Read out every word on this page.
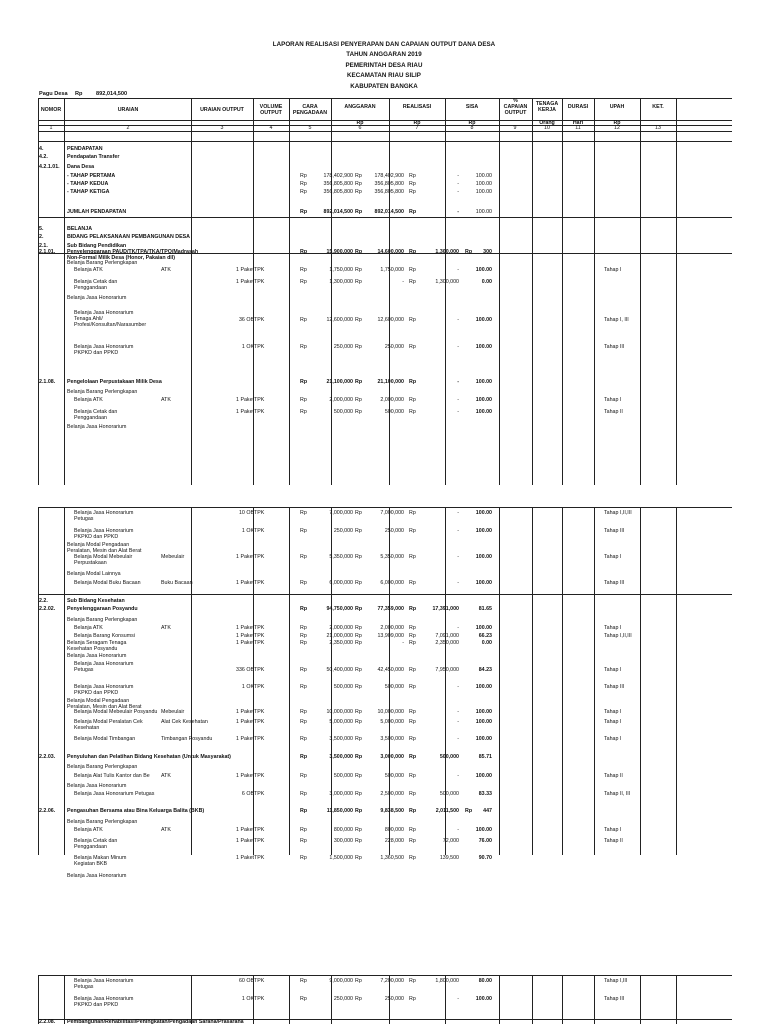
LAPORAN REALISASI PENYERAPAN DAN CAPAIAN OUTPUT DANA DESA
TAHUN ANGGARAN 2019
PEMERINTAH DESA RIAU
KECAMATAN RIAU SILIP
KABUPATEN BANGKA
Pagu Desa Rp 892,014,500
NOMOR	URAIAN	URAIAN OUTPUT	VOLUME OUTPUT
CARA PENGADAAN
ANGGARAN	REALISASI	SISA
%
CAPAIAN OUTPUT
TENAGA KERJA	DURASI	UPAH	KET.
Rp	Rp	Rp	Orang	Hari	Rp
1	2	3	4	5	6	7	8	9	10	11	12	13
4.	PENDAPATAN
4.2.	Pendapatan Transfer
4.2.1.01.	Dana Desa
- TAHAP PERTAMA	Rp	178,402,900 Rp	178,402,900 Rp	-	100.00
- TAHAP KEDUA	Rp	356,805,800 Rp	356,805,800 Rp	-	100.00
- TAHAP KETIGA	Rp	356,805,800 Rp	356,805,800 Rp	-	100.00
JUMLAH PENDAPATAN	Rp	892,014,500 Rp	892,014,500 Rp	-	100.00
5.	BELANJA
2.	BIDANG PELAKSANAAN PEMBANGUNAN DESA
2.1.	Sub Bidang Pendidikan
2.1.01.	Penyelenggaraan PAUD/TK/TPA/TKA/TPQ/Madrasah
Non-Formal Milik Desa (Honor, Pakaian dll)
Rp	15,900,000 Rp	14,600,000 Rp	1,300,000 Rp	300
Belanja Barang Perlengkapan
Belanja ATK	ATK	1 Paket TPK	Rp	1,750,000 Rp	1,750,000 Rp	-	100.00	Tahap I
Belanja Cetak dan
Penggandaan
1 Paket TPK	Rp	1,300,000 Rp	- Rp	1,300,000	0.00
Belanja Jasa Honorarium
Belanja Jasa Honorarium
Tenaga Ahli/
Profesi/Konsultan/Narasumber
36 OB TPK	Rp	12,600,000 Rp	12,600,000 Rp	-	100.00	Tahap I, III
Belanja Jasa Honorarium
PKPKD dan PPKD
1 OK TPK	Rp	250,000 Rp	250,000 Rp	-	100.00	Tahap III
2.1.08.	Pengelolaan Perpustakaan Milik Desa	Rp	21,100,000 Rp	21,100,000 Rp	-	100.00
Belanja Barang Perlengkapan
Belanja ATK	ATK	1 Paket TPK	Rp	2,000,000 Rp	2,000,000 Rp	-	100.00	Tahap I
Belanja Cetak dan
Penggandaan
1 Paket TPK	Rp	500,000 Rp	500,000 Rp	-	100.00	Tahap II
Belanja Jasa Honorarium
Belanja Jasa Honorarium
Petugas
10 OB TPK	Rp	7,000,000 Rp	7,000,000 Rp	-	100.00	Tahap I,II,III
Belanja Jasa Honorarium
PKPKD dan PPKD
1 OK TPK	Rp	250,000 Rp	250,000 Rp	-	100.00	Tahap III
Belanja Modal Pengadaan
Peralatan, Mesin dan Alat Berat
Belanja Modal Mebeulair
Perpustakaan
Mebeulair	1 Paket TPK	Rp	5,350,000 Rp	5,350,000 Rp	-	100.00	Tahap I
Belanja Modal Lainnya
Belanja Modal Buku Bacaan	Buku Bacaan	1 Paket TPK	Rp	6,000,000 Rp	6,000,000 Rp	-	100.00	Tahap III
2.2.	Sub Bidang Kesehatan
2.2.02.	Penyelenggaraan Posyandu	Rp	94,750,000 Rp	77,359,000 Rp	17,391,000	81.65
Belanja Barang Perlengkapan
Belanja ATK	ATK	1 Paket TPK	Rp	2,000,000 Rp	2,000,000 Rp	-	100.00	Tahap I
Belanja Barang Konsumsi	1 Paket TPK	Rp	21,000,000 Rp	13,909,000 Rp	7,091,000	66.23	Tahap I,II,III
Belanja Seragam Tenaga
Kesehatan Posyandu
1 Paket TPK	Rp	2,350,000 Rp	- Rp	2,350,000	0.00
Belanja Jasa Honorarium
Belanja Jasa Honorarium
Petugas	336 OB TPK	Rp	50,400,000 Rp	42,450,000 Rp	7,950,000	84.23	Tahap I
Belanja Jasa Honorarium
PKPKD dan PPKD
1 OK TPK	Rp	500,000 Rp	500,000 Rp	-	100.00	Tahap III
Belanja Modal Pengadaan
Peralatan, Mesin dan Alat Berat
Belanja Modal Mebeulair Posyandu Mebeulair	1 Paket TPK	Rp	10,000,000 Rp	10,000,000 Rp	-	100.00	Tahap I
Belanja Modal Peralatan Cek
Kesehatan
Alat Cek Kesehatan	1 Paket TPK	Rp	5,000,000 Rp	5,000,000 Rp	-	100.00	Tahap I
Belanja Modal Timbangan	Timbangan Posyandu	1 Paket TPK	Rp	3,500,000 Rp	3,500,000 Rp	-	100.00	Tahap I
2.2.03.	Penyuluhan dan Pelatihan Bidang Kesehatan (Untuk Masyarakat)	Rp	3,500,000 Rp	3,000,000 Rp	500,000	85.71
Belanja Barang Perlengkapan
Belanja Alat Tulis Kantor dan Be	ATK	1 Paket TPK	Rp	500,000 Rp	500,000 Rp	-	100.00	Tahap II
Belanja Jasa Honorarium
Belanja Jasa Honorarium Petugas	6 OB TPK	Rp	3,000,000 Rp	2,500,000 Rp	500,000	83.33	Tahap II, III
2.2.06.	Pengasuhan Bersama atau Bina Keluarga Balita (BKB)	Rp	11,850,000 Rp	9,838,500 Rp	2,011,500 Rp	447
Belanja Barang Perlengkapan
Belanja ATK	ATK	1 Paket TPK	Rp	800,000 Rp	800,000 Rp	-	100.00	Tahap I
Belanja Cetak dan
Penggandaan
1 Paket TPK	Rp	300,000 Rp	228,000 Rp	72,000	76.00	Tahap II
Belanja Makan Minum
Kegiatan BKB
1 Paket TPK	Rp	1,500,000 Rp	1,360,500 Rp	139,500	90.70
Belanja Jasa Honorarium
Belanja Jasa Honorarium
Petugas
60 OB TPK	Rp	9,000,000 Rp	7,200,000 Rp	1,800,000	80.00	Tahap I,III
Belanja Jasa Honorarium
PKPKD dan PPKD
1 OK TPK	Rp	250,000 Rp	250,000 Rp	-	100.00	Tahap III
2.2.08.	Pembangunan/Rehabilitasi/Peningkatan/Pengadaan Sarana/Prasarana
